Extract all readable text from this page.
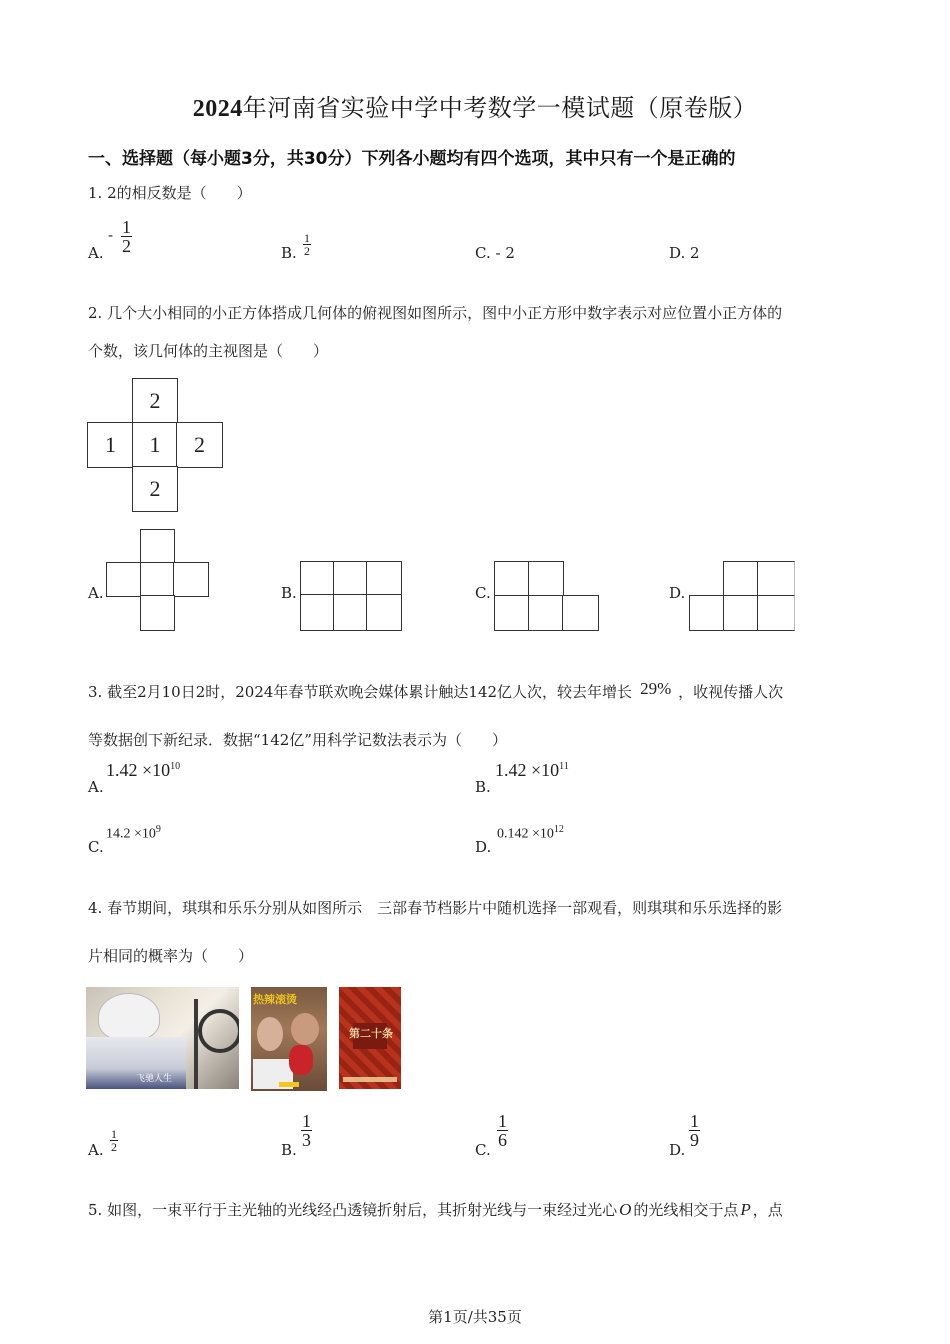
2024年河南省实验中学中考数学一模试题（原卷版）
一、选择题（每小题3分，共30分）下列各小题均有四个选项，其中只有一个是正确的
1. 2的相反数是（　　）
A.
- $\frac{1}{2}$	B. $\frac{1}{2}$	C. - 2	D. 2
2. 几个大小相同的小正方体搭成几何体的俯视图如图所示，图中小正方形中数字表示对应位置小正方体的
个数，该几何体的主视图是（　　）
2
1	1	2
2
A.	B.	C.	D.
3. 截至2月10日2时，2024年春节联欢晚会媒体累计触达142亿人次，较去年增长 29% ，收视传播人次
等数据创下新纪录．数据“142亿”用科学记数法表示为（　　）
A.
$1.42 \times 10^{10}$
B.
$1.42 \times 10^{11}$
C.
$14.2 \times 10^9$
D.
$0.142 \times 10^{12}$
4. 春节期间，琪琪和乐乐分别从如图所示　三部春节档影片中随机选择一部观看，则琪琪和乐乐选择的影
片相同的概率为（　　）
飞驰人生
热辣滚烫
第二十条
A. $\frac{1}{2}$	B.
$\frac{1}{3}$
C.
$\frac{1}{6}$
D.
$\frac{1}{9}$
5. 如图，一束平行于主光轴的光线经凸透镜折射后，其折射光线与一束经过光心 O 的光线相交于点 P ，点
第1页/共35页
